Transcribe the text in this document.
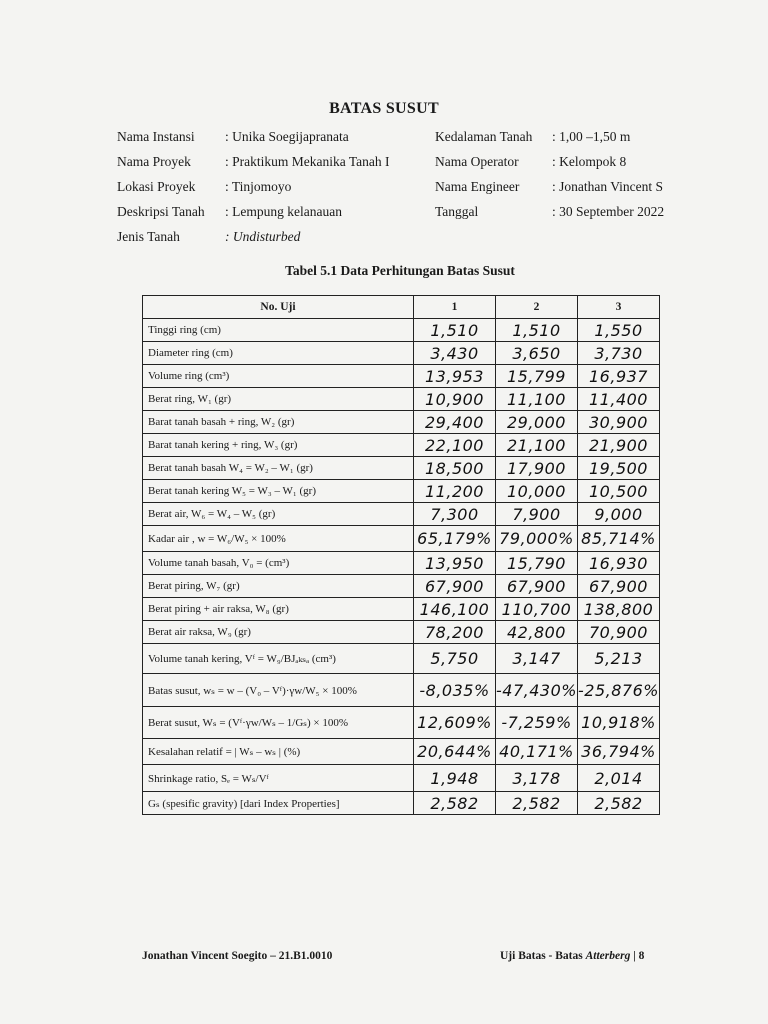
BATAS SUSUT
Nama Instansi : Unika Soegijapranata
Nama Proyek	: Praktikum Mekanika Tanah I
Lokasi Proyek : Tinjomoyo
Deskripsi Tanah : Lempung kelanauan
Jenis Tanah	: Undisturbed
Kedalaman Tanah : 1,00 –1,50 m
Nama Operator : Kelompok 8
Nama Engineer : Jonathan Vincent S
Tanggal	: 30 September 2022
Tabel 5.1 Data Perhitungan Batas Susut
No. Uji	1	2	3
Tinggi ring (cm)	1,510	1,510	1,550
Diameter ring (cm)	3,430	3,650	3,730
Volume ring (cm³)	13,953	15,799	16,937
Berat ring, W₁ (gr)	10,900	11,100	11,400
Barat tanah basah + ring, W₂ (gr)	29,400	29,000	30,900
Barat tanah kering + ring, W₃ (gr)	22,100	21,100	21,900
Berat tanah basah W₄ = W₂ – W₁ (gr)	18,500	17,900	19,500
Berat tanah kering W₅ = W₃ – W₁ (gr)	11,200	10,000	10,500
Berat air, W₆ = W₄ – W₅ (gr)	7,300	7,900	9,000
Kadar air , w = W₆/W₅ × 100%	65,179%	79,000%	85,714%
Volume tanah basah, V₀ = (cm³)	13,950	15,790	16,930
Berat piring, W₇ (gr)	67,900	67,900	67,900
Berat piring + air raksa, W₈ (gr)	146,100	110,700	138,800
Berat air raksa, W₉ (gr)	78,200	42,800	70,900
Volume tanah kering, Vᶠ = W₉/BJₐₖₛₐ (cm³)	5,750	3,147	5,213
Batas susut, wₛ = w – (V₀ – Vᶠ)·γw/W₅ × 100%	-8,035%	-47,430%	-25,876%
Berat susut, Wₛ = (Vᶠ·γw/Wₛ – 1/Gₛ) × 100%	12,609%	-7,259%	10,918%
Kesalahan relatif = | Wₛ – wₛ | (%)	20,644%	40,171%	36,794%
Shrinkage ratio, Sₑ = Wₛ/Vᶠ	1,948	3,178	2,014
Gₛ (spesific gravity) [dari Index Properties]	2,582	2,582	2,582
Jonathan Vincent Soegito – 21.B1.0010	Uji Batas - Batas Atterberg | 8
